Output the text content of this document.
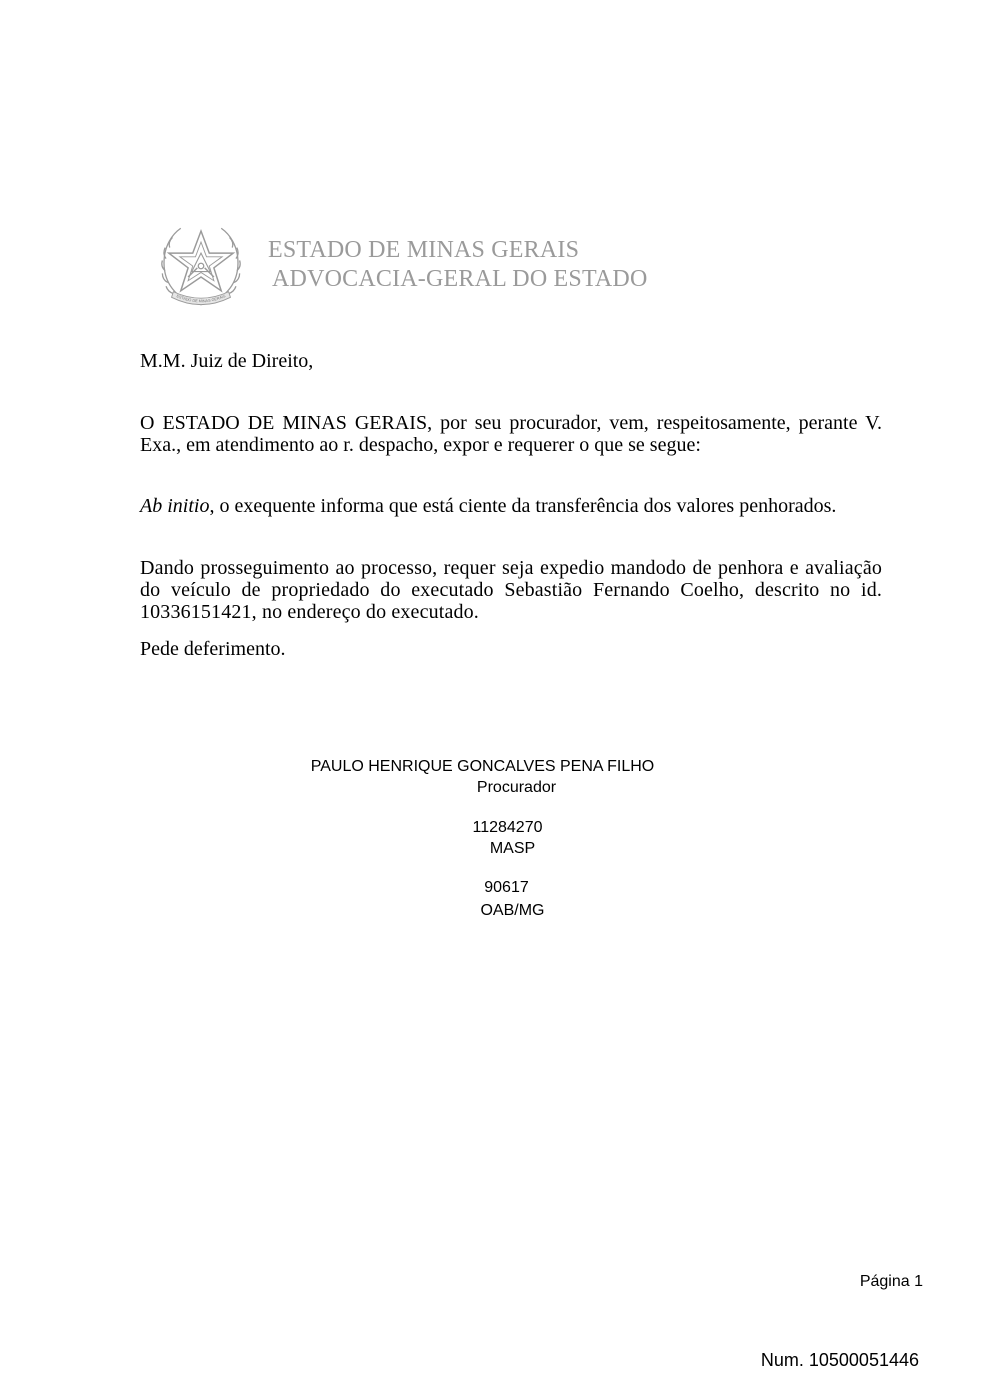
ESTADO DE MINAS GERAIS
ESTADO DE MINAS GERAIS
ADVOCACIA-GERAL DO ESTADO
M.M. Juiz de Direito,
O ESTADO DE MINAS GERAIS, por seu procurador, vem, respeitosamente, perante V. Exa., em atendimento ao r. despacho, expor e requerer o que se segue:
Ab initio, o exequente informa que está ciente da transferência dos valores penhorados.
Dando prosseguimento ao processo, requer seja expedio mandodo de penhora e avaliação do veículo de propriedado do executado Sebastião Fernando Coelho, descrito no id. 10336151421, no endereço do executado.
Pede deferimento.
PAULO HENRIQUE GONCALVES PENA FILHO
Procurador
11284270
MASP
90617
OAB/MG
Página 1
Num. 10500051446
